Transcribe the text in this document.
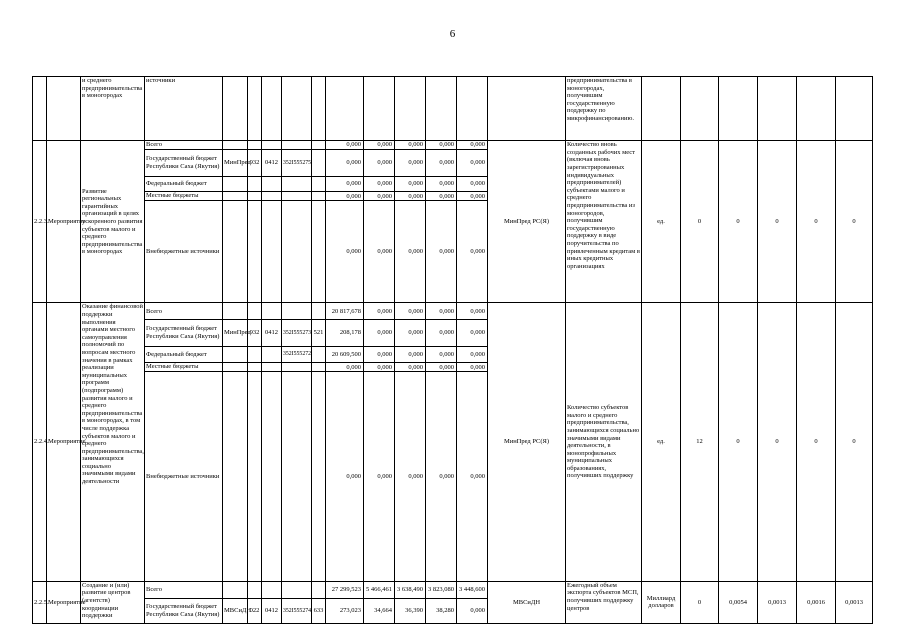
6
		и среднего предпринимательства в моногородах	источники												предпринимательства в моногородах, получившим государственную поддержку по микрофинансированию.						
2.2.3.	Мероприятие	Развитие региональных гарантийных организаций в целях ускоренного развития субъектов малого и среднего предпринимательства в моногородах	Всего						0,000	0,000	0,000	0,000	0,000	МинПред РС(Я)	Количество вновь созданных рабочих мест (включая вновь зарегистрированных индивидуальных предпринимателей) субъектами малого и среднего предпринимательства из моногородов, получившим государственную поддержку в виде поручительства по привлеченным кредитам в иных кредитных организациях	ед.	0	0	0	0	0
			Государственный бюджет Республики Саха (Якутия)	МинПред	932	0412	352I555275		0,000	0,000	0,000	0,000	0,000								
			Федеральный бюджет						0,000	0,000	0,000	0,000	0,000								
			Местные бюджеты						0,000	0,000	0,000	0,000	0,000								
			Внебюджетные источники						0,000	0,000	0,000	0,000	0,000								
2.2.4.	Мероприятие	Оказание финансовой поддержки выполнения органами местного самоуправления полномочий по вопросам местного значения в рамках реализации муниципальных программ (подпрограмм) развития малого и среднего предпринимательства в моногородах, в том числе поддержка субъектов малого и среднего предпринимательства, занимающихся социально значимыми видами деятельности	Всего						20 817,678	0,000	0,000	0,000	0,000	МинПред РС(Я)	Количество субъектов малого и среднего предпринимательства, занимающихся социально значимыми видами деятельности, в монопрофильных муниципальных образованиях, получивших поддержку	ед.	12	0	0	0	0
			Государственный бюджет Республики Саха (Якутия)	МинПред	932	0412	352I555273	521	208,178	0,000	0,000	0,000	0,000								
			Федеральный бюджет				352I555272		20 609,500	0,000	0,000	0,000	0,000								
			Местные бюджеты						0,000	0,000	0,000	0,000	0,000								
			Внебюджетные источники						0,000	0,000	0,000	0,000	0,000								
2.2.5.	Мероприятие	Создание и (или) развитие центров (агентств) координации поддержки	Всего						27 299,523	5 466,461	3 638,490	3 823,080	3 448,600	МВСиДН	Ежегодный объем экспорта субъектов МСП, получивших поддержку центров	Миллиард долларов	0	0,0054	0,0013	0,0016	0,0013
			Государственный бюджет Республики Саха (Якутия)	МВСиДН	022	0412	352I555274	633	273,023	34,664	36,390	38,280	0,000								
